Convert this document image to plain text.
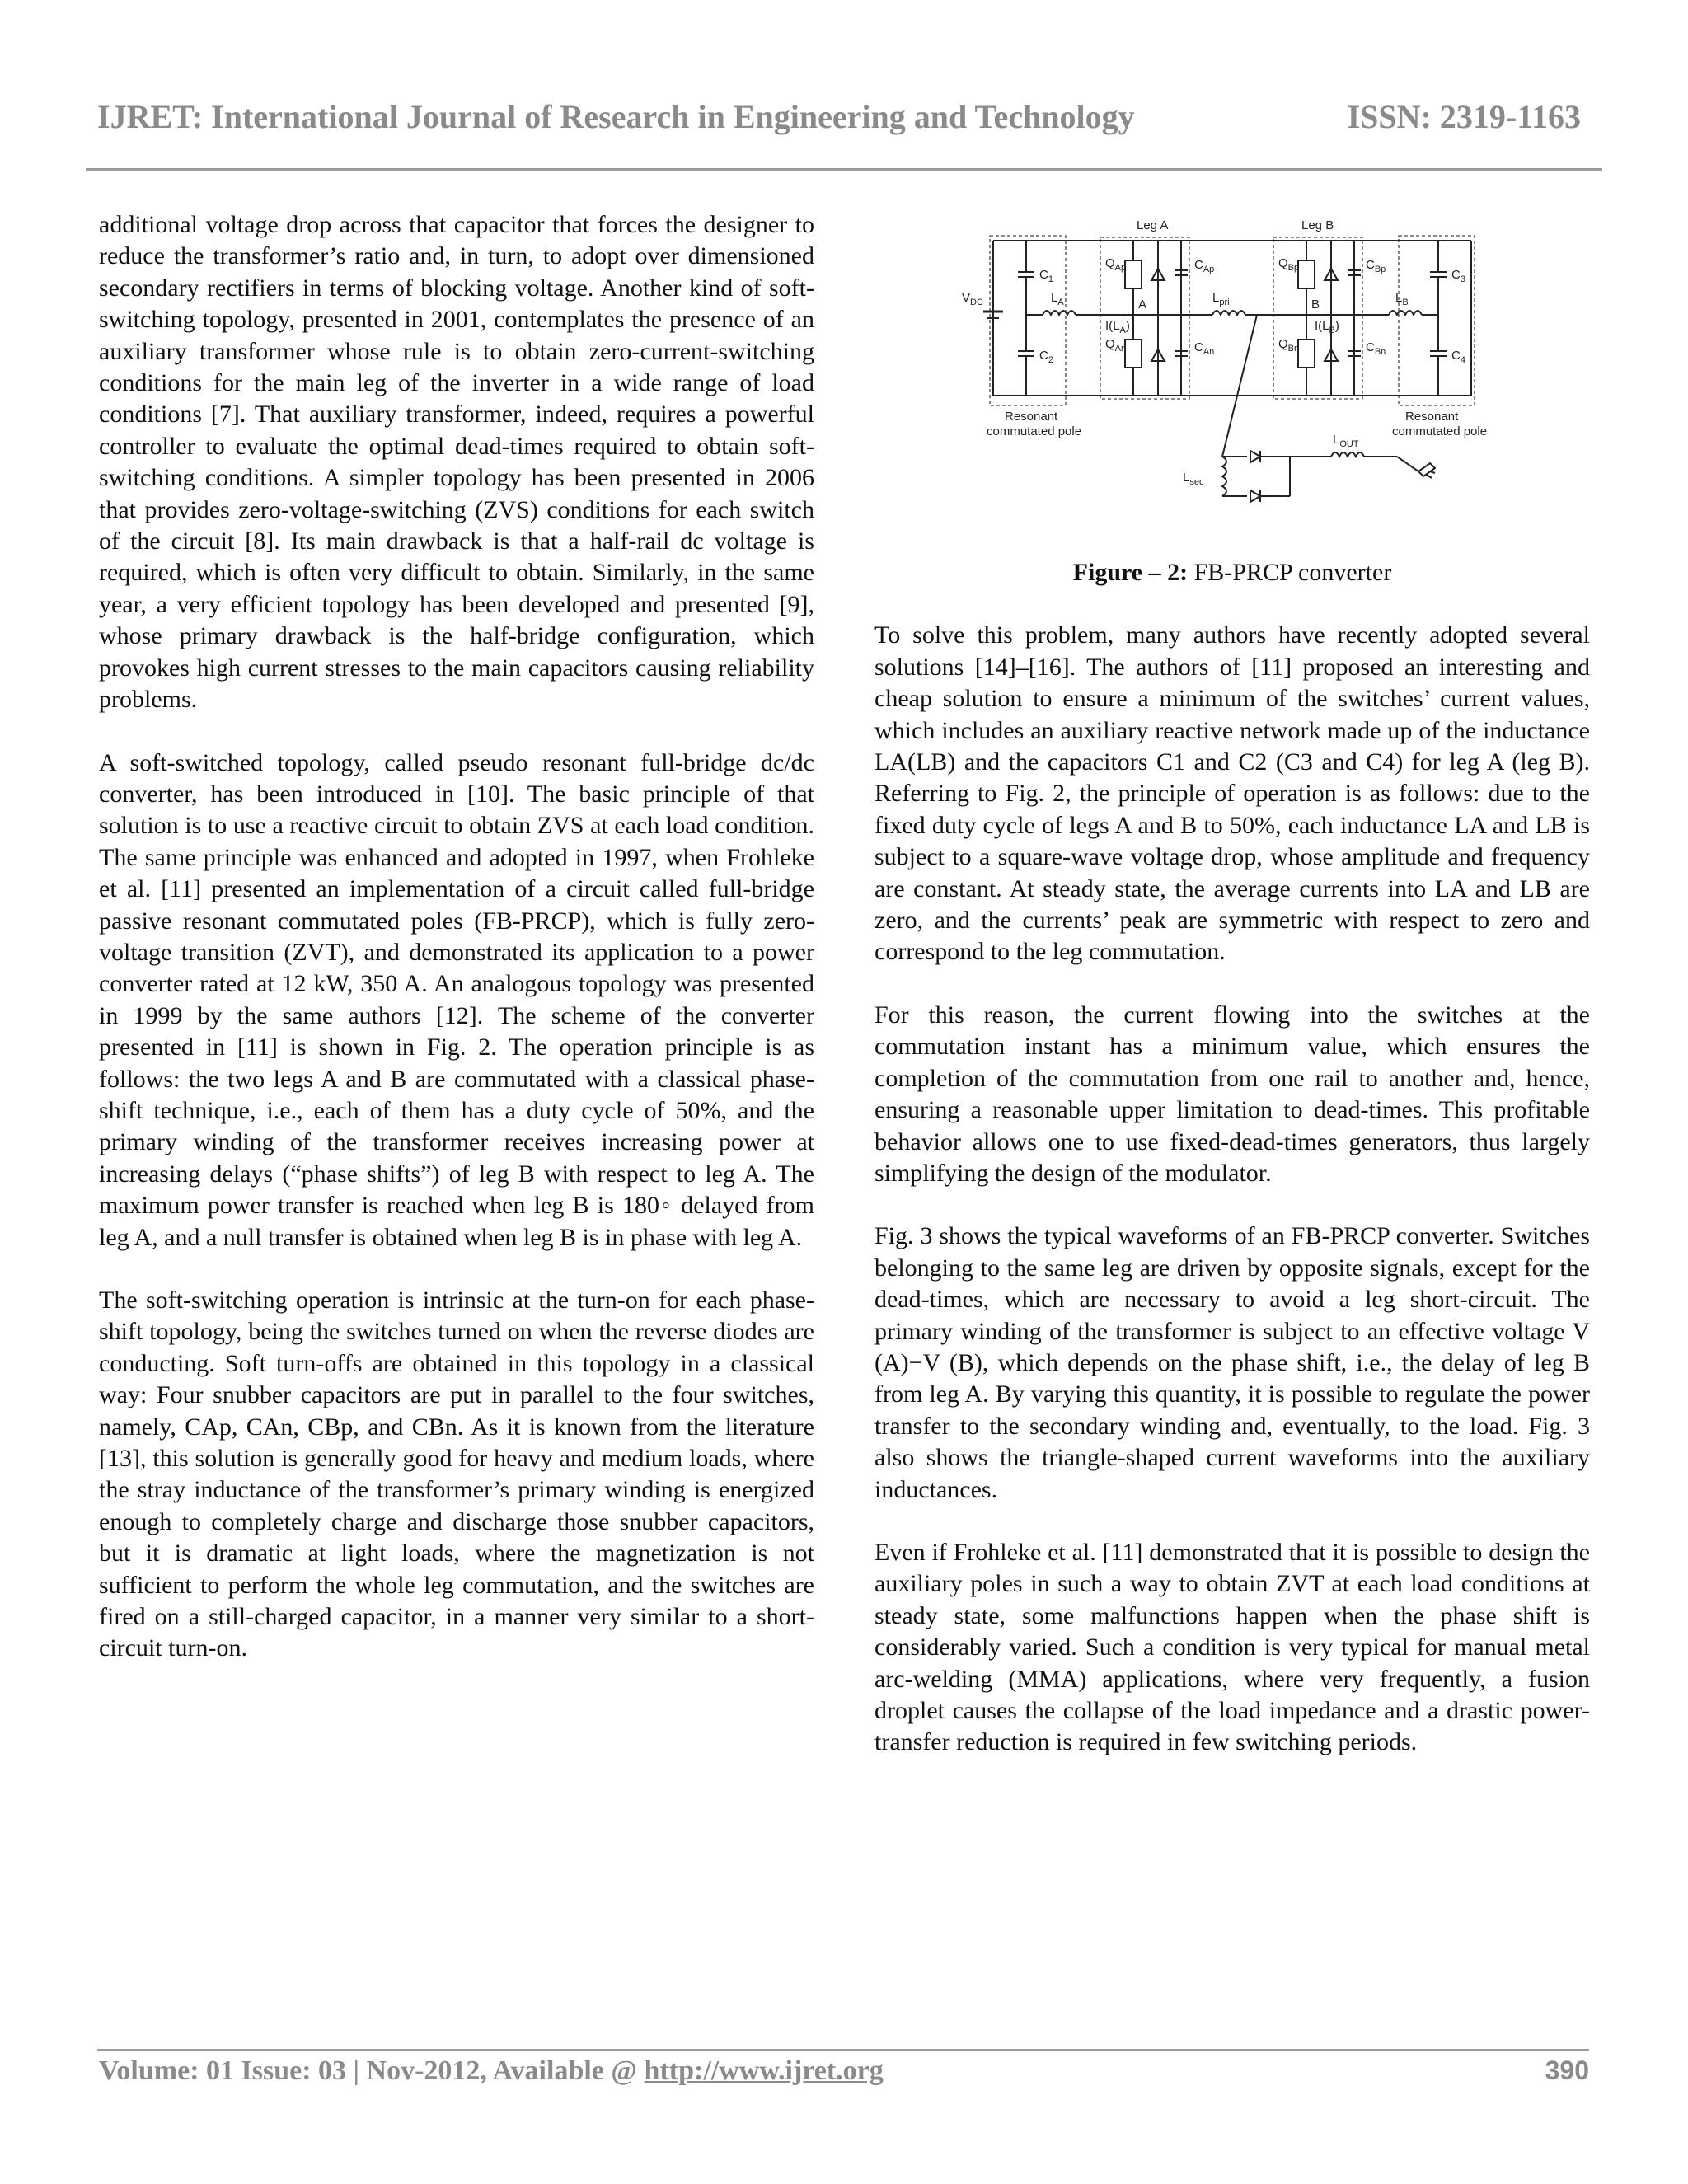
IJRET: International Journal of Research in Engineering and Technology	ISSN: 2319-1163

additional voltage drop across that capacitor that forces the designer to reduce the transformer’s ratio and, in turn, to adopt over dimensioned secondary rectifiers in terms of blocking voltage. Another kind of soft-switching topology, presented in 2001, contemplates the presence of an auxiliary transformer whose rule is to obtain zero-current-switching conditions for the main leg of the inverter in a wide range of load conditions [7]. That auxiliary transformer, indeed, requires a powerful controller to evaluate the optimal dead-times required to obtain soft-switching conditions. A simpler topology has been presented in 2006 that provides zero-voltage-switching (ZVS) conditions for each switch of the circuit [8]. Its main drawback is that a half-rail dc voltage is required, which is often very difficult to obtain. Similarly, in the same year, a very efficient topology has been developed and presented [9], whose primary drawback is the half-bridge configuration, which provokes high current stresses to the main capacitors causing reliability problems.

A soft-switched topology, called pseudo resonant full-bridge dc/dc converter, has been introduced in [10]. The basic principle of that solution is to use a reactive circuit to obtain ZVS at each load condition. The same principle was enhanced and adopted in 1997, when Frohleke et al. [11] presented an implementation of a circuit called full-bridge passive resonant commutated poles (FB-PRCP), which is fully zero-voltage transition (ZVT), and demonstrated its application to a power converter rated at 12 kW, 350 A. An analogous topology was presented in 1999 by the same authors [12]. The scheme of the converter presented in [11] is shown in Fig. 2. The operation principle is as follows: the two legs A and B are commutated with a classical phase-shift technique, i.e., each of them has a duty cycle of 50%, and the primary winding of the transformer receives increasing power at increasing delays (“phase shifts”) of leg B with respect to leg A. The maximum power transfer is reached when leg B is 180◦ delayed from leg A, and a null transfer is obtained when leg B is in phase with leg A.

The soft-switching operation is intrinsic at the turn-on for each phase-shift topology, being the switches turned on when the reverse diodes are conducting. Soft turn-offs are obtained in this topology in a classical way: Four snubber capacitors are put in parallel to the four switches, namely, CAp, CAn, CBp, and CBn. As it is known from the literature [13], this solution is generally good for heavy and medium loads, where the stray inductance of the transformer’s primary winding is energized enough to completely charge and discharge those snubber capacitors, but it is dramatic at light loads, where the magnetization is not sufficient to perform the whole leg commutation, and the switches are fired on a still-charged capacitor, in a manner very similar to a short-circuit turn-on.

$V_{DC}$
$C_1$
$C_2$
$C_3$
$C_4$
$L_A$	$L_{pri}$	$L_B$
$Q_{Ap}$
$Q_{An}$
$C_{Ap}$
$C_{An}$
A
$I(L_A)$
Leg A
$Q_{Bp}$
$Q_{Bn}$
$C_{Bp}$
$C_{Bn}$
B
$I(L_B)$
Leg B
Resonant
commutated pole
Resonant
commutated pole
$L_{sec}$
$L_{OUT}$
Figure – 2: FB-PRCP converter

To solve this problem, many authors have recently adopted several solutions [14]–[16]. The authors of [11] proposed an interesting and cheap solution to ensure a minimum of the switches’ current values, which includes an auxiliary reactive network made up of the inductance LA(LB) and the capacitors C1 and C2 (C3 and C4) for leg A (leg B). Referring to Fig. 2, the principle of operation is as follows: due to the fixed duty cycle of legs A and B to 50%, each inductance LA and LB is subject to a square-wave voltage drop, whose amplitude and frequency are constant. At steady state, the average currents into LA and LB are zero, and the currents’ peak are symmetric with respect to zero and correspond to the leg commutation.

For this reason, the current flowing into the switches at the commutation instant has a minimum value, which ensures the completion of the commutation from one rail to another and, hence, ensuring a reasonable upper limitation to dead-times. This profitable behavior allows one to use fixed-dead-times generators, thus largely simplifying the design of the modulator.

Fig. 3 shows the typical waveforms of an FB-PRCP converter. Switches belonging to the same leg are driven by opposite signals, except for the dead-times, which are necessary to avoid a leg short-circuit. The primary winding of the transformer is subject to an effective voltage V (A)−V (B), which depends on the phase shift, i.e., the delay of leg B from leg A. By varying this quantity, it is possible to regulate the power transfer to the secondary winding and, eventually, to the load. Fig. 3 also shows the triangle-shaped current waveforms into the auxiliary inductances.

Even if Frohleke et al. [11] demonstrated that it is possible to design the auxiliary poles in such a way to obtain ZVT at each load conditions at steady state, some malfunctions happen when the phase shift is considerably varied. Such a condition is very typical for manual metal arc-welding (MMA) applications, where very frequently, a fusion droplet causes the collapse of the load impedance and a drastic power-transfer reduction is required in few switching periods.

Volume: 01 Issue: 03 | Nov-2012, Available @ http://www.ijret.org	390
